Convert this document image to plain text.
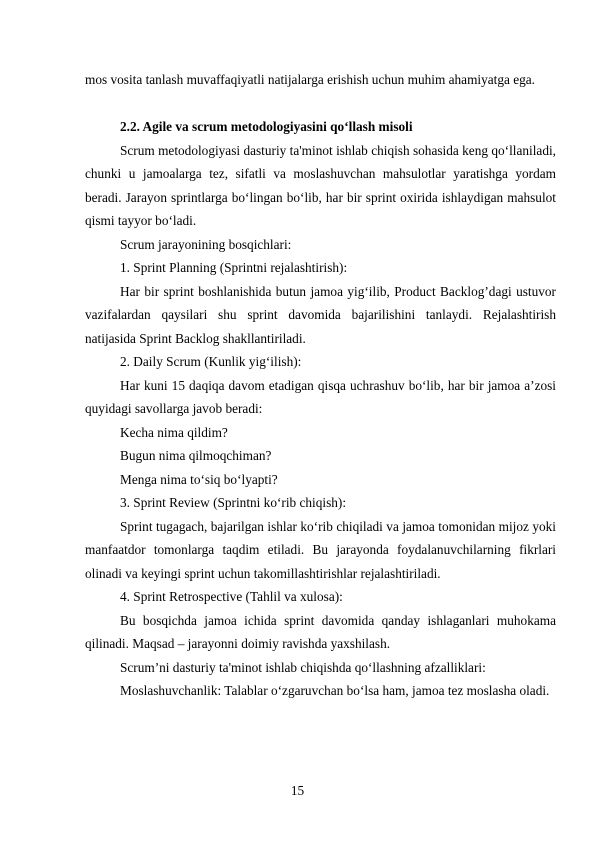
mos vosita tanlash muvaffaqiyatli natijalarga erishish uchun muhim ahamiyatga ega.

2.2. Agile va scrum metodologiyasini qo‘llash misoli

Scrum metodologiyasi dasturiy ta'minot ishlab chiqish sohasida keng qo‘llaniladi, chunki u jamoalarga tez, sifatli va moslashuvchan mahsulotlar yaratishga yordam beradi. Jarayon sprintlarga bo‘lingan bo‘lib, har bir sprint oxirida ishlaydigan mahsulot qismi tayyor bo‘ladi.

Scrum jarayonining bosqichlari:

1. Sprint Planning (Sprintni rejalashtirish):

Har bir sprint boshlanishida butun jamoa yig‘ilib, Product Backlog’dagi ustuvor vazifalardan qaysilari shu sprint davomida bajarilishini tanlaydi. Rejalashtirish natijasida Sprint Backlog shakllantiriladi.

2. Daily Scrum (Kunlik yig‘ilish):

Har kuni 15 daqiqa davom etadigan qisqa uchrashuv bo‘lib, har bir jamoa a’zosi quyidagi savollarga javob beradi:

Kecha nima qildim?

Bugun nima qilmoqchiman?

Menga nima to‘siq bo‘lyapti?

3. Sprint Review (Sprintni ko‘rib chiqish):

Sprint tugagach, bajarilgan ishlar ko‘rib chiqiladi va jamoa tomonidan mijoz yoki manfaatdor tomonlarga taqdim etiladi. Bu jarayonda foydalanuvchilarning fikrlari olinadi va keyingi sprint uchun takomillashtirishlar rejalashtiriladi.

4. Sprint Retrospective (Tahlil va xulosa):

Bu bosqichda jamoa ichida sprint davomida qanday ishlaganlari muhokama qilinadi. Maqsad – jarayonni doimiy ravishda yaxshilash.

Scrum’ni dasturiy ta'minot ishlab chiqishda qo‘llashning afzalliklari:

Moslashuvchanlik: Talablar o‘zgaruvchan bo‘lsa ham, jamoa tez moslasha oladi.

15
